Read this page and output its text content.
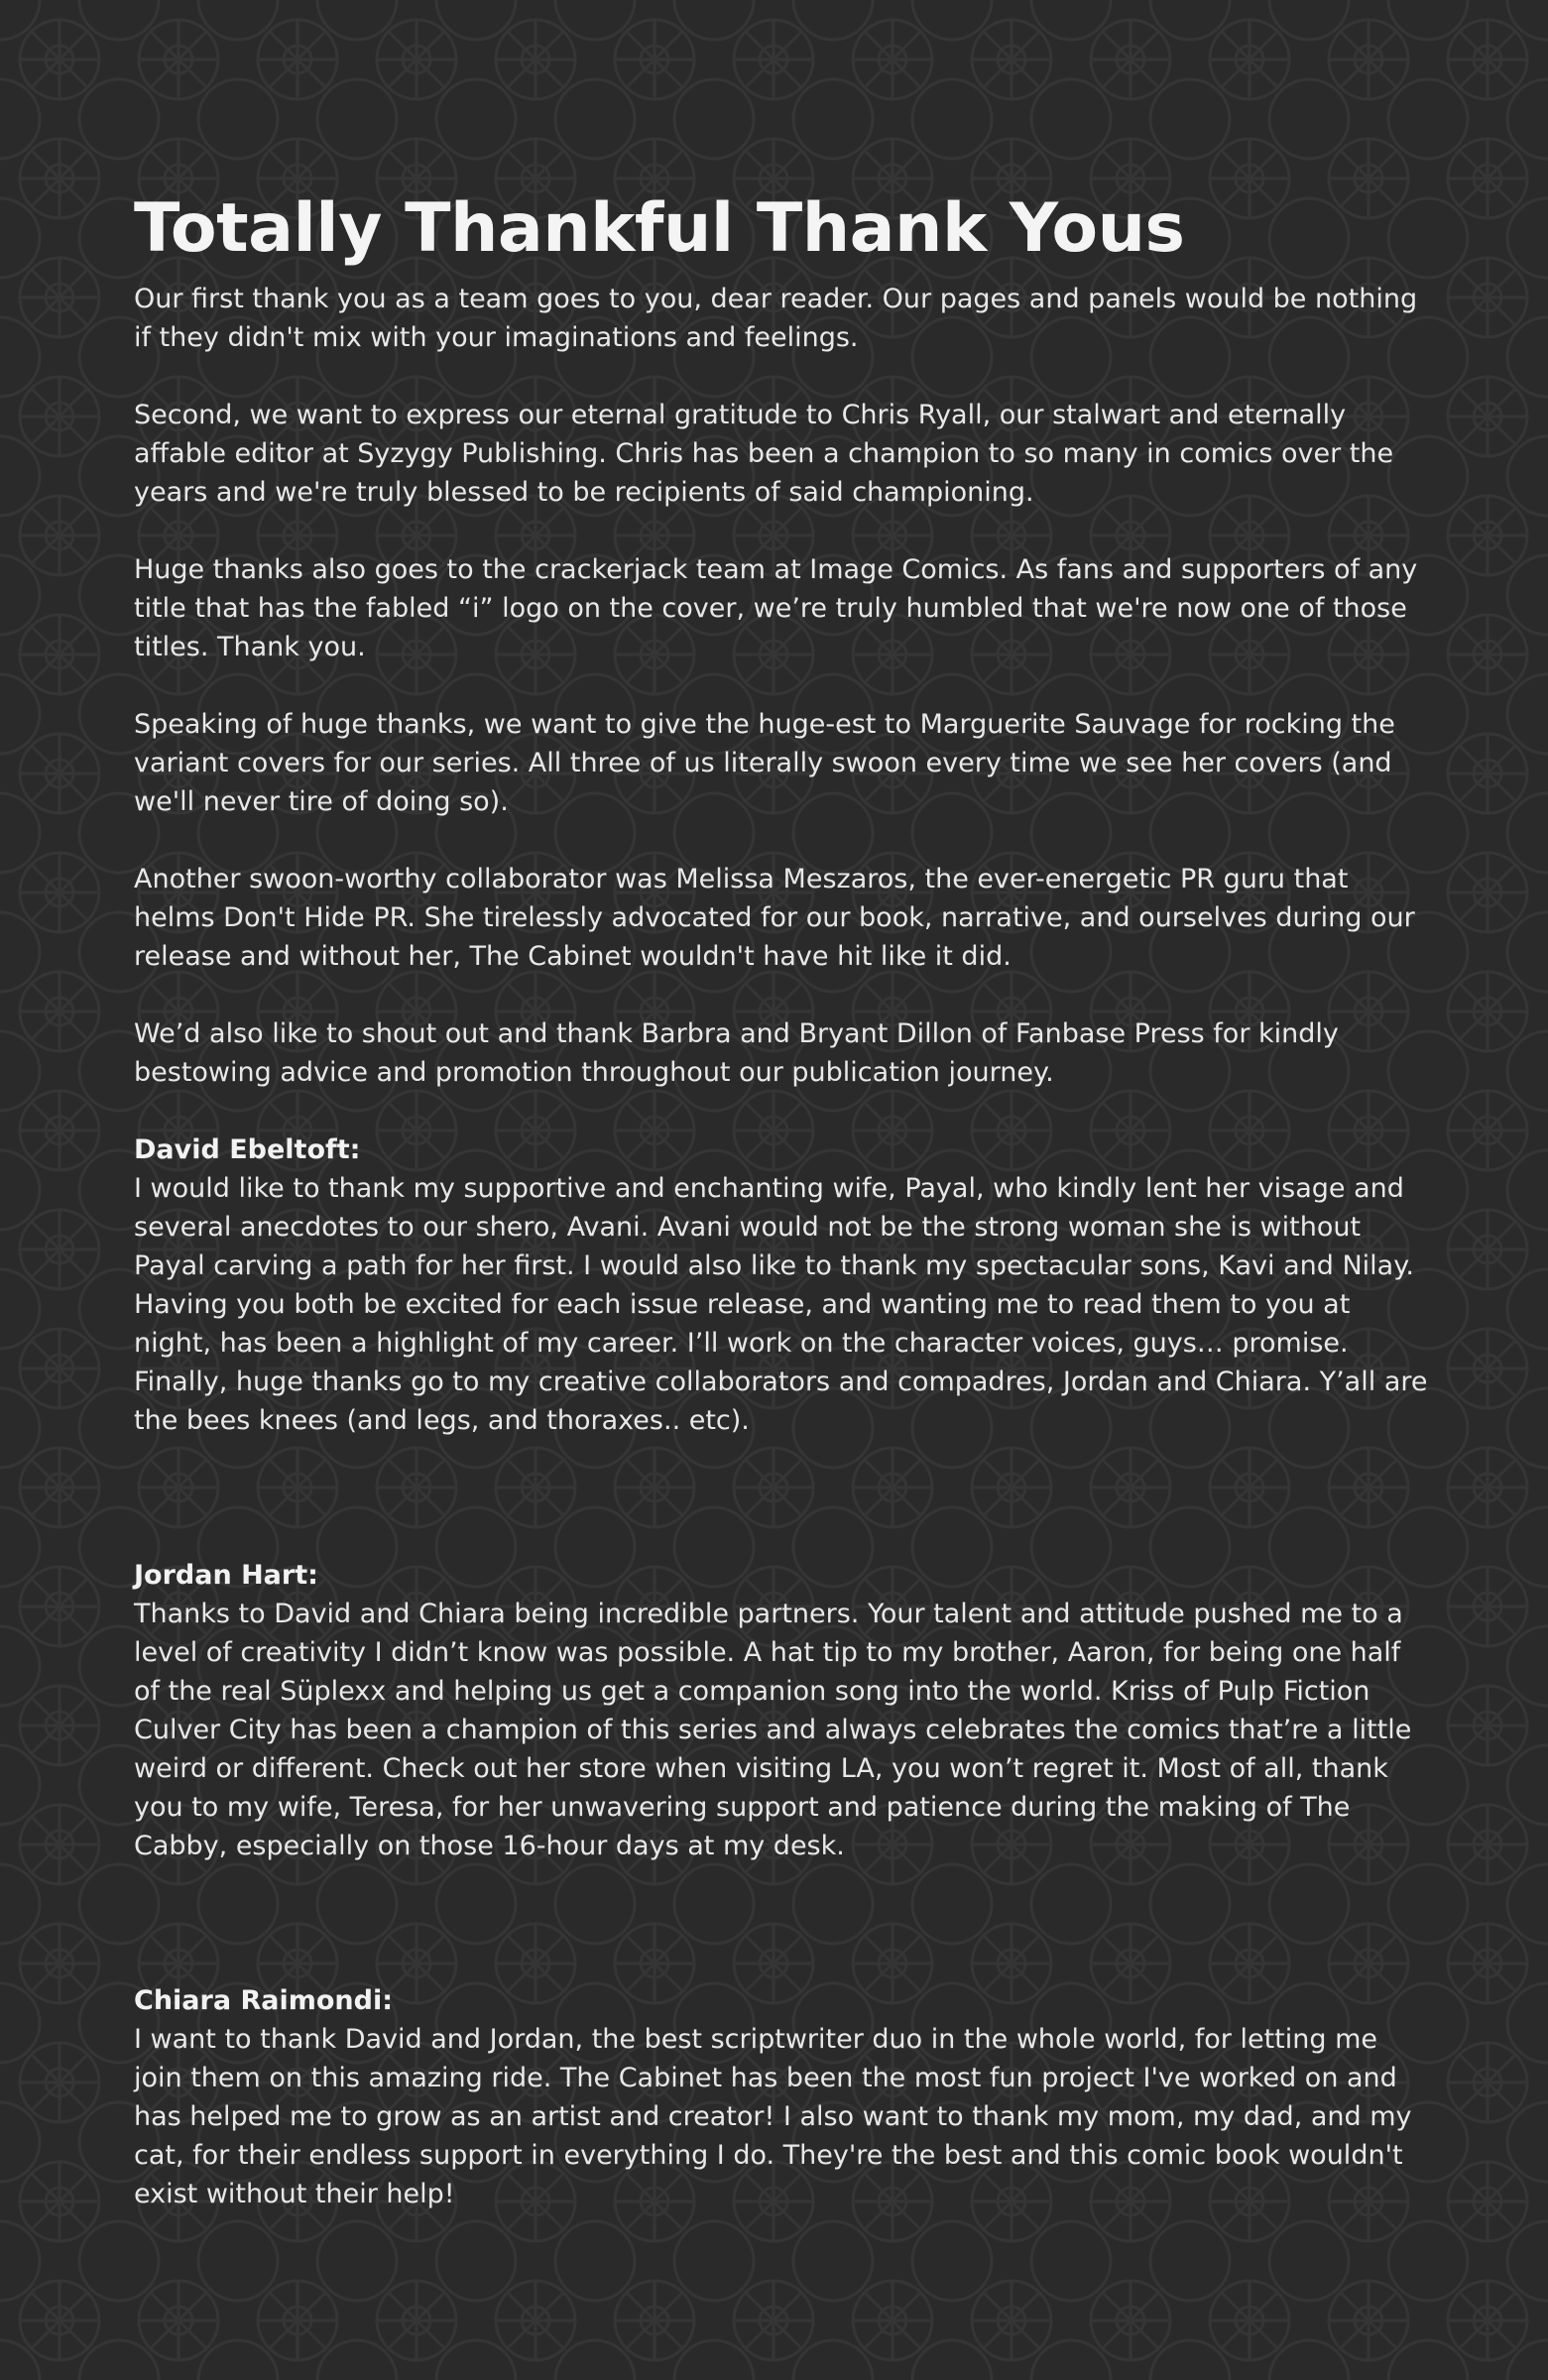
Totally Thankful Thank Yous

Our first thank you as a team goes to you, dear reader. Our pages and panels would be nothing if they didn't mix with your imaginations and feelings.

Second, we want to express our eternal gratitude to Chris Ryall, our stalwart and eternally affable editor at Syzygy Publishing. Chris has been a champion to so many in comics over the years and we're truly blessed to be recipients of said championing.

Huge thanks also goes to the crackerjack team at Image Comics. As fans and supporters of any title that has the fabled “i” logo on the cover, we’re truly humbled that we're now one of those titles. Thank you.

Speaking of huge thanks, we want to give the huge-est to Marguerite Sauvage for rocking the variant covers for our series. All three of us literally swoon every time we see her covers (and we'll never tire of doing so).

Another swoon-worthy collaborator was Melissa Meszaros, the ever-energetic PR guru that helms Don't Hide PR. She tirelessly advocated for our book, narrative, and ourselves during our release and without her, The Cabinet wouldn't have hit like it did.

We’d also like to shout out and thank Barbra and Bryant Dillon of Fanbase Press for kindly bestowing advice and promotion throughout our publication journey.

David Ebeltoft:
I would like to thank my supportive and enchanting wife, Payal, who kindly lent her visage and several anecdotes to our shero, Avani. Avani would not be the strong woman she is without Payal carving a path for her first. I would also like to thank my spectacular sons, Kavi and Nilay. Having you both be excited for each issue release, and wanting me to read them to you at night, has been a highlight of my career. I’ll work on the character voices, guys… promise. Finally, huge thanks go to my creative collaborators and compadres, Jordan and Chiara. Y’all are the bees knees (and legs, and thoraxes.. etc).
Jordan Hart:
Thanks to David and Chiara being incredible partners. Your talent and attitude pushed me to a level of creativity I didn’t know was possible. A hat tip to my brother, Aaron, for being one half of the real Süplexx and helping us get a companion song into the world. Kriss of Pulp Fiction Culver City has been a champion of this series and always celebrates the comics that’re a little weird or different. Check out her store when visiting LA, you won’t regret it. Most of all, thank you to my wife, Teresa, for her unwavering support and patience during the making of The Cabby, especially on those 16-hour days at my desk.
Chiara Raimondi:
I want to thank David and Jordan, the best scriptwriter duo in the whole world, for letting me join them on this amazing ride. The Cabinet has been the most fun project I've worked on and has helped me to grow as an artist and creator! I also want to thank my mom, my dad, and my cat, for their endless support in everything I do. They're the best and this comic book wouldn't exist without their help!
